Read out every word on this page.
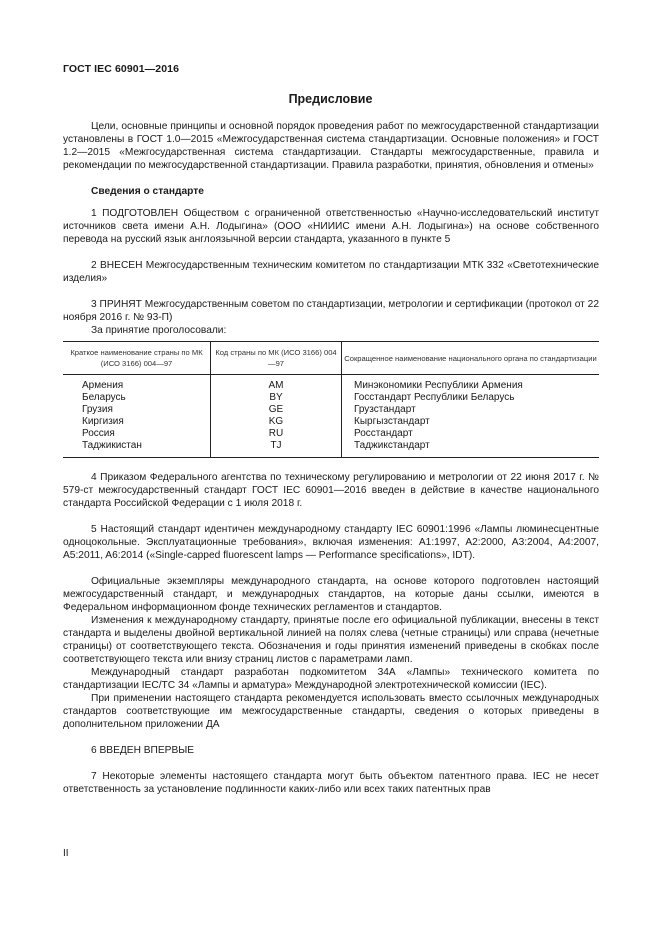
ГОСТ IEC 60901—2016
Предисловие

Цели, основные принципы и основной порядок проведения работ по межгосударственной стандартизации установлены в ГОСТ 1.0—2015 «Межгосударственная система стандартизации. Основные положения» и ГОСТ 1.2—2015 «Межгосударственная система стандартизации. Стандарты межгосударственные, правила и рекомендации по межгосударственной стандартизации. Правила разработки, принятия, обновления и отмены»

Сведения о стандарте

1 ПОДГОТОВЛЕН Обществом с ограниченной ответственностью «Научно-исследовательский институт источников света имени А.Н. Лодыгина» (ООО «НИИИС имени А.Н. Лодыгина») на основе собственного перевода на русский язык англоязычной версии стандарта, указанного в пункте 5

2 ВНЕСЕН Межгосударственным техническим комитетом по стандартизации МТК 332 «Светотехнические изделия»

3 ПРИНЯТ Межгосударственным советом по стандартизации, метрологии и сертификации (протокол от 22 ноября 2016 г. № 93-П)

За принятие проголосовали:

Краткое наименование страны по МК (ИСО 3166) 004—97	Код страны по МК (ИСО 3166) 004—97	Сокращенное наименование национального органа по стандартизации
Армения	AM	Минэкономики Республики Армения
Беларусь	BY	Госстандарт Республики Беларусь
Грузия	GE	Грузстандарт
Киргизия	KG	Кыргызстандарт
Россия	RU	Росстандарт
Таджикистан	TJ	Таджикстандарт

4 Приказом Федерального агентства по техническому регулированию и метрологии от 22 июня 2017 г. № 579-ст межгосударственный стандарт ГОСТ IEC 60901—2016 введен в действие в качестве национального стандарта Российской Федерации с 1 июля 2018 г.

5 Настоящий стандарт идентичен международному стандарту IEC 60901:1996 «Лампы люминесцентные одноцокольные. Эксплуатационные требования», включая изменения: A1:1997, A2:2000, A3:2004, A4:2007, A5:2011, A6:2014 («Single-capped fluorescent lamps — Performance specifications», IDT).

Официальные экземпляры международного стандарта, на основе которого подготовлен настоящий межгосударственный стандарт, и международных стандартов, на которые даны ссылки, имеются в Федеральном информационном фонде технических регламентов и стандартов.

Изменения к международному стандарту, принятые после его официальной публикации, внесены в текст стандарта и выделены двойной вертикальной линией на полях слева (четные страницы) или справа (нечетные страницы) от соответствующего текста. Обозначения и годы принятия изменений приведены в скобках после соответствующего текста или внизу страниц листов с параметрами ламп.

Международный стандарт разработан подкомитетом 34А «Лампы» технического комитета по стандартизации IEC/TC 34 «Лампы и арматура» Международной электротехнической комиссии (IEC).

При применении настоящего стандарта рекомендуется использовать вместо ссылочных международных стандартов соответствующие им межгосударственные стандарты, сведения о которых приведены в дополнительном приложении ДА

6 ВВЕДЕН ВПЕРВЫЕ

7 Некоторые элементы настоящего стандарта могут быть объектом патентного права. IEC не несет ответственность за установление подлинности каких-либо или всех таких патентных прав

II
